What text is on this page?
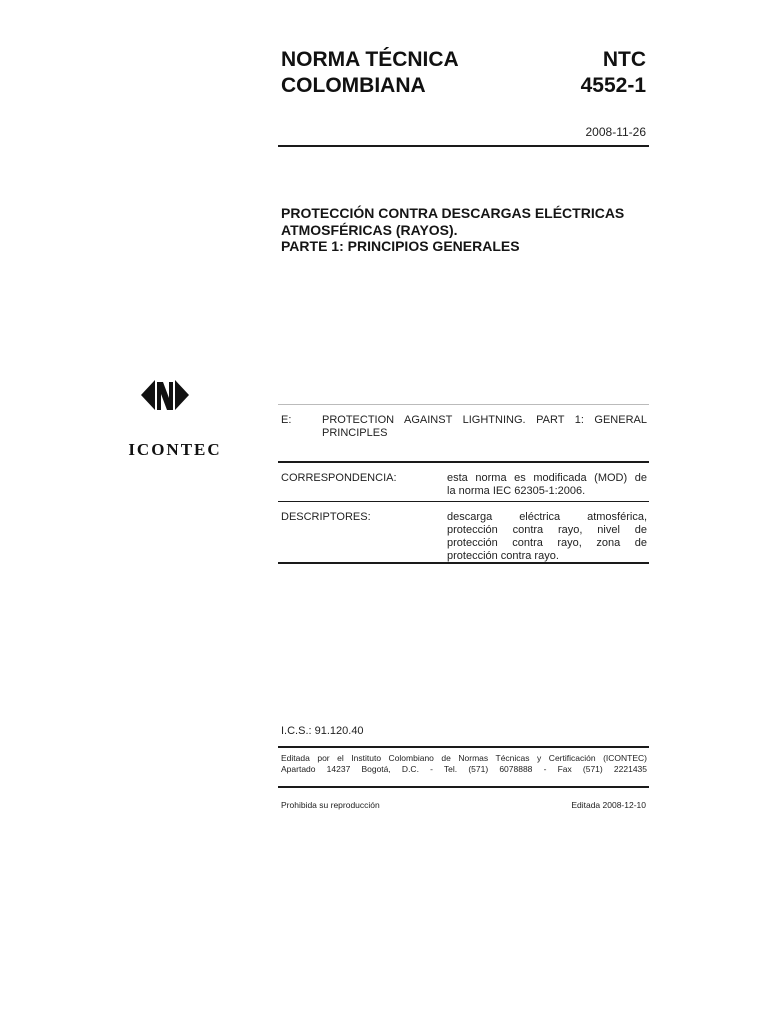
NORMA TÉCNICA
COLOMBIANA
NTC
4552-1
2008-11-26
PROTECCIÓN CONTRA DESCARGAS ELÉCTRICAS
ATMOSFÉRICAS (RAYOS).
PARTE 1: PRINCIPIOS GENERALES
ICONTEC
E:	PROTECTION AGAINST LIGHTNING. PART 1: GENERAL
PRINCIPLES
CORRESPONDENCIA:	esta norma es modificada (MOD) de
la norma IEC 62305-1:2006.
DESCRIPTORES:	descarga eléctrica atmosférica,
protección contra rayo, nivel de
protección contra rayo, zona de
protección contra rayo.
I.C.S.: 91.120.40
Editada por el Instituto Colombiano de Normas Técnicas y Certificación (ICONTEC)
Apartado 14237 Bogotá, D.C. - Tel. (571) 6078888 - Fax (571) 2221435
Prohibida su reproducción	Editada 2008-12-10
